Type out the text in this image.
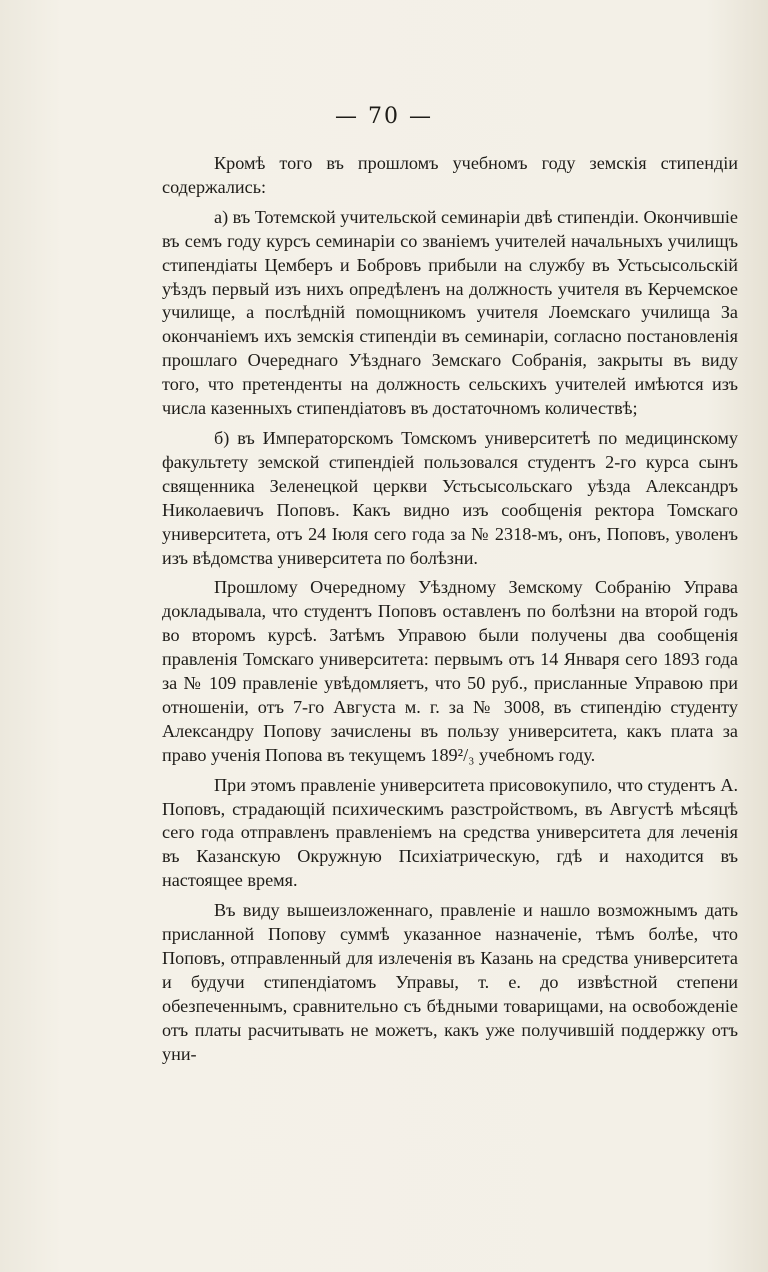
— 70 —

Кромѣ того въ прошломъ учебномъ году земскія стипендіи содержались:

а) въ Тотемской учительской семинаріи двѣ стипендіи. Окончившіе въ семъ году курсъ семинаріи со званіемъ учителей начальныхъ училищъ стипендіаты Цемберъ и Бобровъ прибыли на службу въ Устьсысольскій уѣздъ первый изъ нихъ опредѣленъ на должность учителя въ Керчемское училище, а послѣдній помощникомъ учителя Лоемскаго училища За окончаніемъ ихъ земскія стипендіи въ семинаріи, согласно постановленія прошлаго Очереднаго Уѣзднаго Земскаго Собранія, закрыты въ виду того, что претенденты на должность сельскихъ учителей имѣются изъ числа казенныхъ стипендіатовъ въ достаточномъ количествѣ;

б) въ Императорскомъ Томскомъ университетѣ по медицинскому факультету земской стипендіей пользовался студентъ 2-го курса сынъ священника Зеленецкой церкви Устьсысольскаго уѣзда Александръ Николаевичъ Поповъ. Какъ видно изъ сообщенія ректора Томскаго университета, отъ 24 Іюля сего года за № 2318-мъ, онъ, Поповъ, уволенъ изъ вѣдомства университета по болѣзни.

Прошлому Очередному Уѣздному Земскому Собранію Управа докладывала, что студентъ Поповъ оставленъ по болѣзни на второй годъ во второмъ курсѣ. Затѣмъ Управою были получены два сообщенія правленія Томскаго университета: первымъ отъ 14 Января сего 1893 года за № 109 правленіе увѣдомляетъ, что 50 руб., присланные Управою при отношеніи, отъ 7-го Августа м. г. за № 3008, въ стипендію студенту Александру Попову зачислены въ пользу университета, какъ плата за право ученія Попова въ текущемъ 189²/₃ учебномъ году.

При этомъ правленіе университета присовокупило, что студентъ А. Поповъ, страдающій психическимъ разстройствомъ, въ Августѣ мѣсяцѣ сего года отправленъ правленіемъ на средства университета для леченія въ Казанскую Окружную Психіатрическую, гдѣ и находится въ настоящее время.

Въ виду вышеизложеннаго, правленіе и нашло возможнымъ дать присланной Попову суммѣ указанное назначеніе, тѣмъ болѣе, что Поповъ, отправленный для излеченія въ Казань на средства университета и будучи стипендіатомъ Управы, т. е. до извѣстной степени обезпеченнымъ, сравнительно съ бѣдными товарищами, на освобожденіе отъ платы расчитывать не можетъ, какъ уже получившій поддержку отъ уни-
